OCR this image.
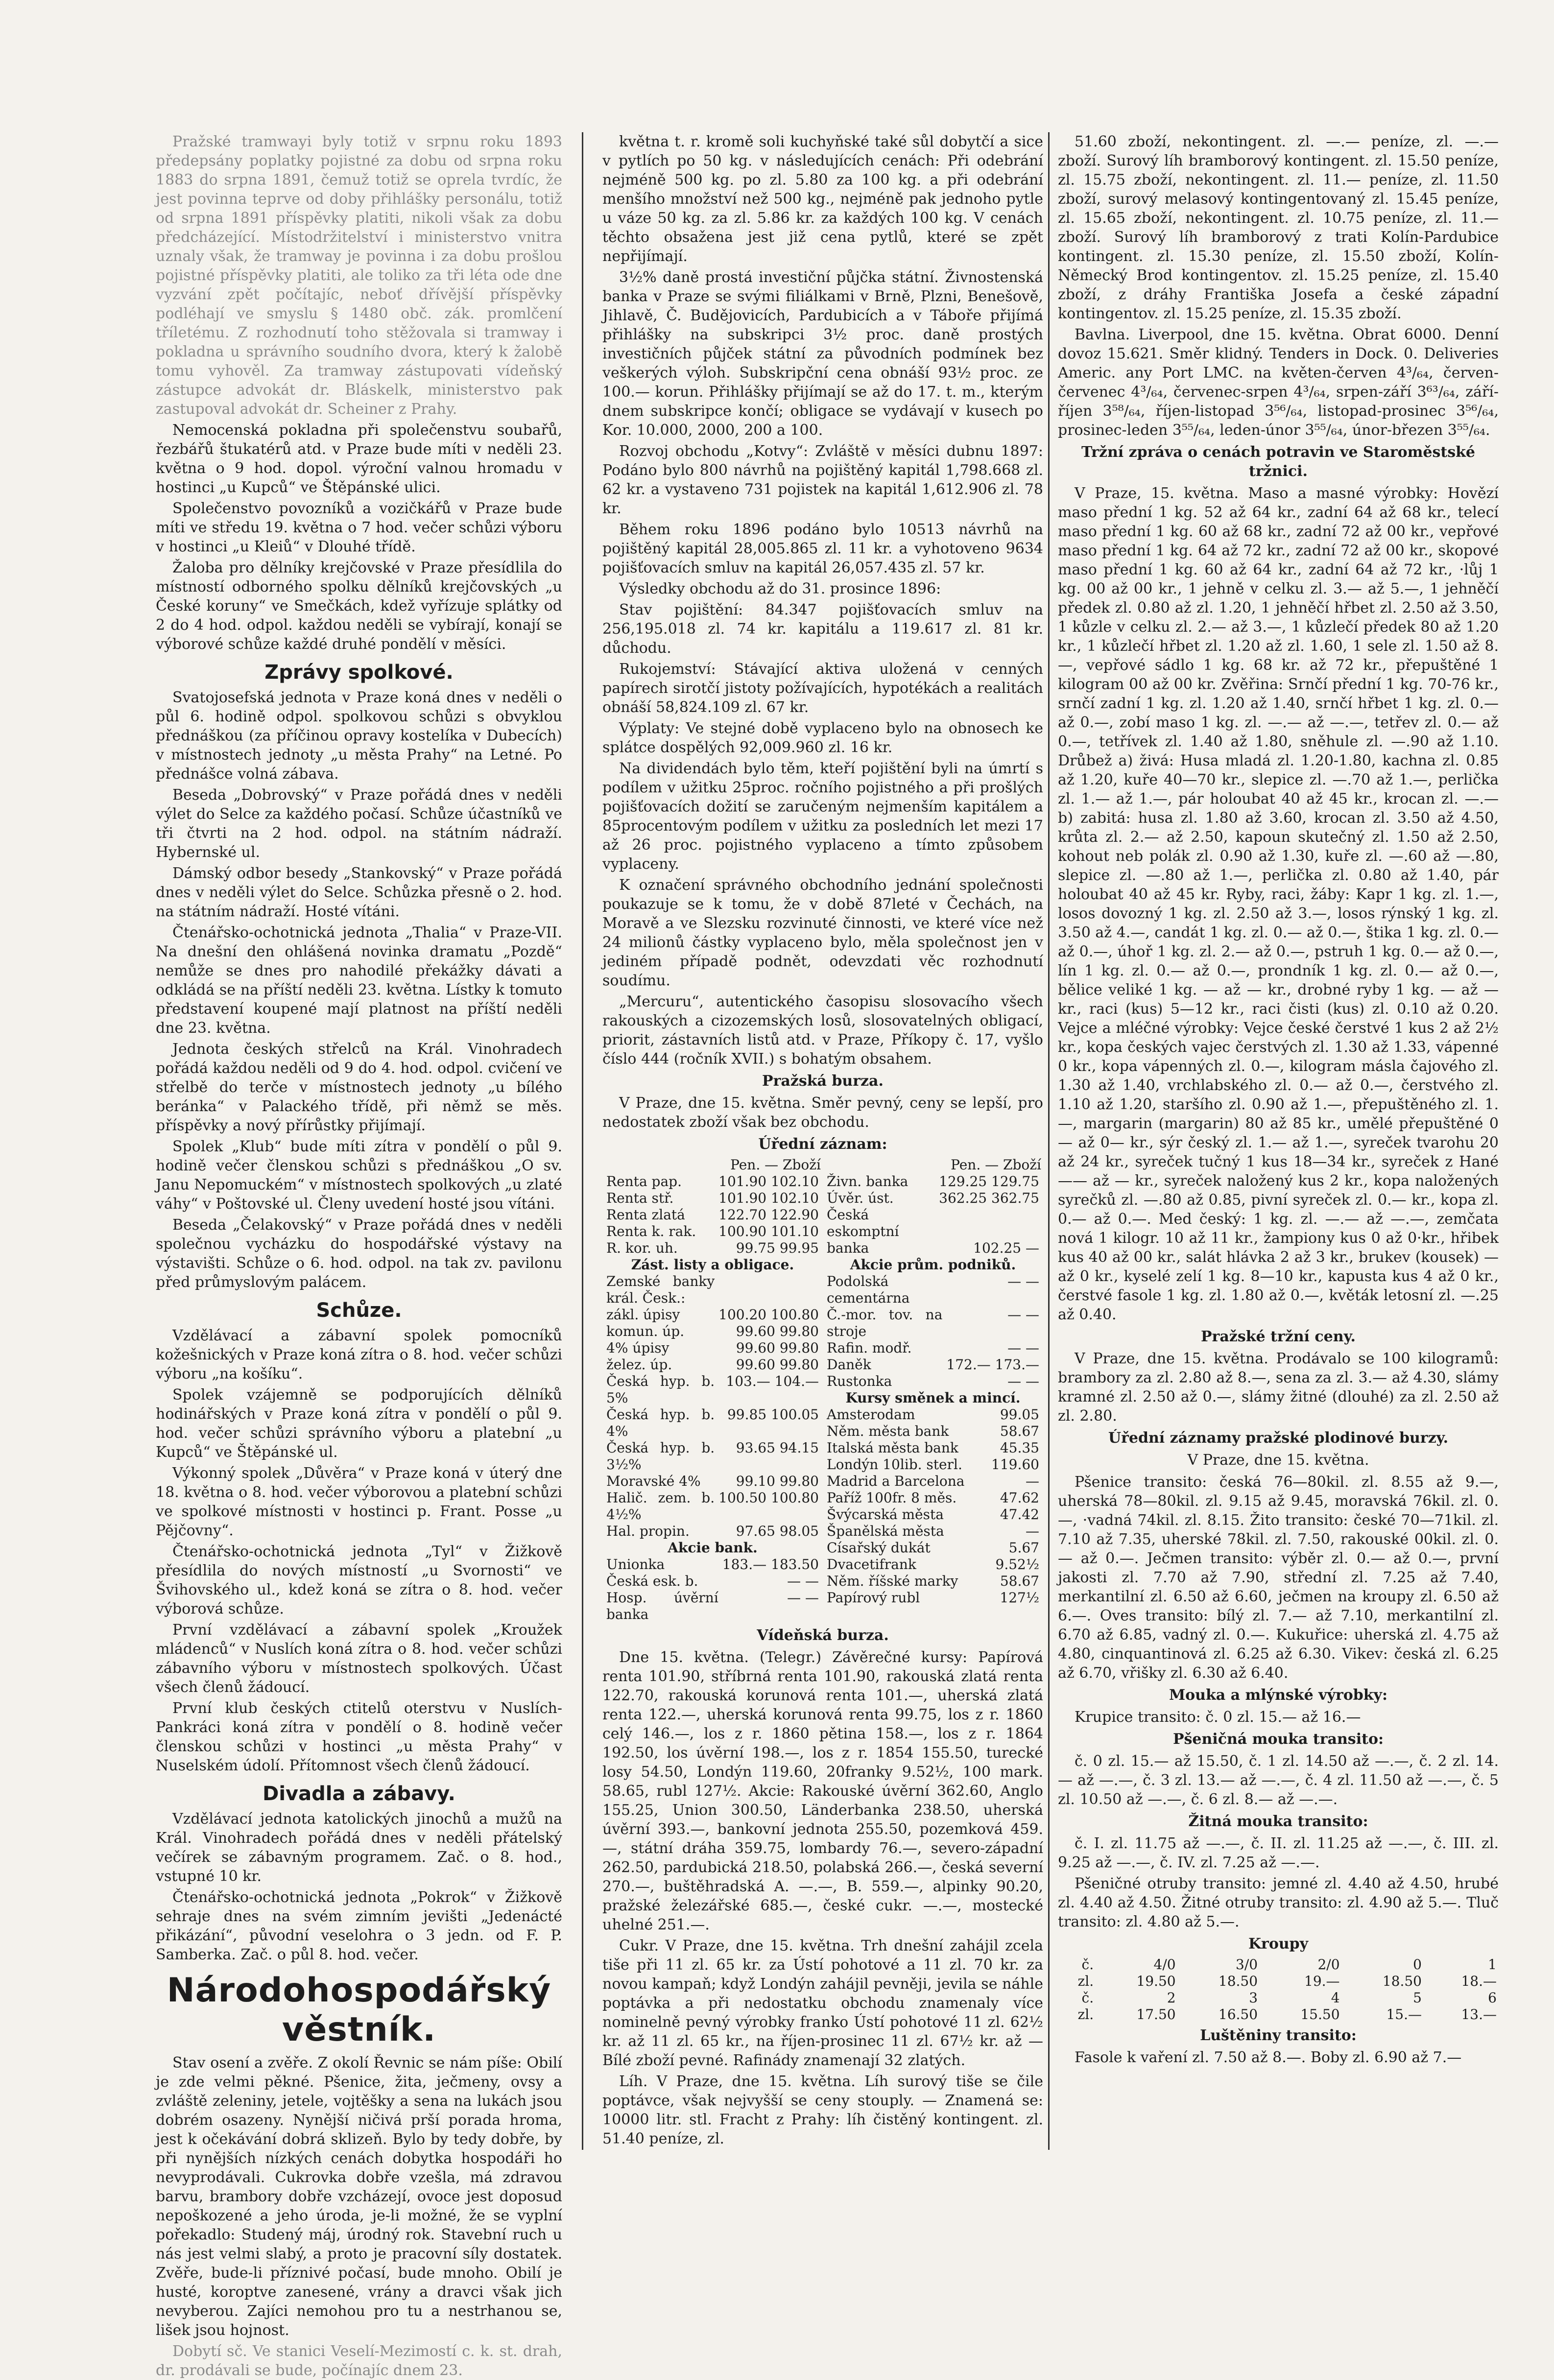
Pražské tramwayi byly totiž v srpnu roku 1893 předepsány poplatky pojistné za dobu od srpna roku 1883 do srpna 1891, čemuž totiž se oprela tvrdíc, že jest povinna teprve od doby přihlášky personálu, totiž od srpna 1891 příspěvky platiti, nikoli však za dobu předcházející. Místodržitelství i ministerstvo vnitra uznaly však, že tramway je povinna i za dobu prošlou pojistné příspěvky platiti, ale toliko za tři léta ode dne vyzvání zpět počítajíc, neboť dřívější příspěvky podléhají ve smyslu § 1480 obč. zák. promlčení tříletému. Z rozhodnutí toho stěžovala si tramway i pokladna u správního soudního dvora, který k žalobě tomu vyhověl. Za tramway zástupovati vídeňský zástupce advokát dr. Bláskelk, ministerstvo pak zastupoval advokát dr. Scheiner z Prahy.

Nemocenská pokladna při společenstvu soubařů, řezbářů štukatérů atd. v Praze bude míti v neděli 23. května o 9 hod. dopol. výroční valnou hromadu v hostinci „u Kupců“ ve Štěpánské ulici.

Společenstvo povozníků a vozičkářů v Praze bude míti ve středu 19. května o 7 hod. večer schůzi výboru v hostinci „u Kleiů“ v Dlouhé třídě.

Žaloba pro dělníky krejčovské v Praze přesídlila do místností odborného spolku dělníků krejčovských „u České koruny“ ve Smečkách, kdež vyřízuje splátky od 2 do 4 hod. odpol. každou neděli se vybírají, konají se výborové schůze každé druhé pondělí v měsíci.

Zprávy spolkové.

Svatojosefská jednota v Praze koná dnes v neděli o půl 6. hodině odpol. spolkovou schůzi s obvyklou přednáškou (za příčinou opravy kostelíka v Dubecích) v místnostech jednoty „u města Prahy“ na Letné. Po přednášce volná zábava.

Beseda „Dobrovský“ v Praze pořádá dnes v neděli výlet do Selce za každého počasí. Schůze účastníků ve tři čtvrti na 2 hod. odpol. na státním nádraží. Hybernské ul.

Dámský odbor besedy „Stankovský“ v Praze pořádá dnes v neděli výlet do Selce. Schůzka přesně o 2. hod. na státním nádraží. Hosté vítáni.

Čtenářsko-ochotnická jednota „Thalia“ v Praze-VII. Na dnešní den ohlášená novinka dramatu „Pozdě“ nemůže se dnes pro nahodilé překážky dávati a odkládá se na příští neděli 23. května. Lístky k tomuto představení koupené mají platnost na příští neděli dne 23. května.

Jednota českých střelců na Král. Vinohradech pořádá každou neděli od 9 do 4. hod. odpol. cvičení ve střelbě do terče v místnostech jednoty „u bílého beránka“ v Palackého třídě, při němž se měs. příspěvky a nový přírůstky přijímají.

Spolek „Klub“ bude míti zítra v pondělí o půl 9. hodině večer členskou schůzi s přednáškou „O sv. Janu Nepomuckém“ v místnostech spolkových „u zlaté váhy“ v Poštovské ul. Členy uvedení hosté jsou vítáni.

Beseda „Čelakovský“ v Praze pořádá dnes v neděli společnou vycházku do hospodářské výstavy na výstavišti. Schůze o 6. hod. odpol. na tak zv. pavilonu před průmyslovým palácem.

Schůze.

Vzdělávací a zábavní spolek pomocníků kožešnických v Praze koná zítra o 8. hod. večer schůzi výboru „na košíku“.

Spolek vzájemně se podporujících dělníků hodinářských v Praze koná zítra v pondělí o půl 9. hod. večer schůzi správního výboru a platební „u Kupců“ ve Štěpánské ul.

Výkonný spolek „Důvěra“ v Praze koná v úterý dne 18. května o 8. hod. večer výborovou a platební schůzi ve spolkové místnosti v hostinci p. Frant. Posse „u Pějčovny“.

Čtenářsko-ochotnická jednota „Tyl“ v Žižkově přesídlila do nových místností „u Svornosti“ ve Švihovského ul., kdež koná se zítra o 8. hod. večer výborová schůze.

První vzdělávací a zábavní spolek „Kroužek mládenců“ v Nuslích koná zítra o 8. hod. večer schůzi zábavního výboru v místnostech spolkových. Účast všech členů žádoucí.

První klub českých ctitelů oterstvu v Nuslích-Pankráci koná zítra v pondělí o 8. hodině večer členskou schůzi v hostinci „u města Prahy“ v Nuselském údolí. Přítomnost všech členů žádoucí.

Divadla a zábavy.

Vzdělávací jednota katolických jinochů a mužů na Král. Vinohradech pořádá dnes v neděli přátelský večírek se zábavným programem. Zač. o 8. hod., vstupné 10 kr.

Čtenářsko-ochotnická jednota „Pokrok“ v Žižkově sehraje dnes na svém zimním jevišti „Jedenácté přikázání“, původní veselohra o 3 jedn. od F. P. Samberka. Zač. o půl 8. hod. večer.

Národohospodářský věstník.

Stav osení a zvěře. Z okolí Řevnic se nám píše: Obilí je zde velmi pěkné. Pšenice, žita, ječmeny, ovsy a zvláště zeleniny, jetele, vojtěšky a sena na lukách jsou dobrém osazeny. Nynější ničivá prší porada hroma, jest k očekávání dobrá sklizeň. Bylo by tedy dobře, by při nynějších nízkých cenách dobytka hospodáři ho nevyprodávali. Cukrovka dobře vzešla, má zdravou barvu, brambory dobře vzcházejí, ovoce jest doposud nepoškozené a jeho úroda, je-li možné, že se vyplní pořekadlo: Studený máj, úrodný rok. Stavební ruch u nás jest velmi slabý, a proto je pracovní síly dostatek. Zvěře, bude-li příznivé počasí, bude mnoho. Obilí je husté, koroptve zanesené, vrány a dravci však jich nevyberou. Zajíci nemohou pro tu a nestrhanou se, lišek jsou hojnost.

Dobytí sč. Ve stanici Veselí-Mezimostí c. k. st. drah, dr. prodávali se bude, počínajíc dnem 23.

května t. r. kromě soli kuchyňské také sůl dobytčí a sice v pytlích po 50 kg. v následujících cenách: Při odebrání nejméně 500 kg. po zl. 5.80 za 100 kg. a při odebrání menšího množství než 500 kg., nejméně pak jednoho pytle u váze 50 kg. za zl. 5.86 kr. za každých 100 kg. V cenách těchto obsažena jest již cena pytlů, které se zpět nepřijímají.

3½% daně prostá investiční půjčka státní. Živnostenská banka v Praze se svými filiálkami v Brně, Plzni, Benešově, Jihlavě, Č. Budějovicích, Pardubicích a v Táboře přijímá přihlášky na subskripci 3½ proc. daně prostých investičních půjček státní za původních podmínek bez veškerých výloh. Subskripční cena obnáší 93½ proc. ze 100.— korun. Přihlášky přijímají se až do 17. t. m., kterým dnem subskripce končí; obligace se vydávají v kusech po Kor. 10.000, 2000, 200 a 100.

Rozvoj obchodu „Kotvy“: Zvláště v měsíci dubnu 1897: Podáno bylo 800 návrhů na pojištěný kapitál 1,798.668 zl. 62 kr. a vystaveno 731 pojistek na kapitál 1,612.906 zl. 78 kr.

Během roku 1896 podáno bylo 10513 návrhů na pojištěný kapitál 28,005.865 zl. 11 kr. a vyhotoveno 9634 pojišťovacích smluv na kapitál 26,057.435 zl. 57 kr.

Výsledky obchodu až do 31. prosince 1896:

Stav pojištění: 84.347 pojišťovacích smluv na 256,195.018 zl. 74 kr. kapitálu a 119.617 zl. 81 kr. důchodu.

Rukojemství: Stávající aktiva uložená v cenných papírech sirotčí jistoty požívajících, hypotékách a realitách obnáší 58,824.109 zl. 67 kr.

Výplaty: Ve stejné době vyplaceno bylo na obnosech ke splátce dospělých 92,009.960 zl. 16 kr.

Na dividendách bylo těm, kteří pojištění byli na úmrtí s podílem v užitku 25proc. ročního pojistného a při prošlých pojišťovacích dožití se zaručeným nejmenším kapitálem a 85procentovým podílem v užitku za posledních let mezi 17 až 26 proc. pojistného vyplaceno a tímto způsobem vyplaceny.

K označení správného obchodního jednání společnosti poukazuje se k tomu, že v době 87leté v Čechách, na Moravě a ve Slezsku rozvinuté činnosti, ve které více než 24 milionů částky vyplaceno bylo, měla společnost jen v jediném případě podnět, odevzdati věc rozhodnutí soudímu.

„Mercuru“, autentického časopisu slosovacího všech rakouských a cizozemských losů, slosovatelných obligací, priorit, zástavních listů atd. v Praze, Příkopy č. 17, vyšlo číslo 444 (ročník XVII.) s bohatým obsahem.

Pražská burza.

V Praze, dne 15. května. Směr pevný, ceny se lepší, pro nedostatek zboží však bez obchodu.

Úřední záznam:
Pen. — Zboží
Renta pap.	101.90 102.10
Renta stř.	101.90 102.10
Renta zlatá	122.70 122.90
Renta k. rak.	100.90 101.10
R. kor. uh.	99.75 99.95
Zást. listy a obligace.
Zemské banky král. Česk.:	
zákl. úpisy	100.20 100.80
komun. úp.	99.60 99.80
4% úpisy	99.60 99.80
želez. úp.	99.60 99.80
Česká hyp. b. 5%	103.— 104.—
Česká hyp. b. 4%	99.85 100.05
Česká hyp. b. 3½%	93.65 94.15
Moravské 4%	99.10 99.80
Halič. zem. b. 4½%	100.50 100.80
Hal. propin.	97.65 98.05
Akcie bank.
Unionka	183.— 183.50
Česká esk. b.	— —
Hosp. úvěrní banka	— —

Pen. — Zboží
Živn. banka	129.25 129.75
Úvěr. úst.	362.25 362.75
Česká eskomptní	
banka	102.25 —
Akcie prům. podniků.
Podolská cementárna	— —
Č.-mor. tov. na stroje	— —
Rafin. modř.	— —
Daněk	172.— 173.—
Rustonka	— —
Kursy směnek a mincí.
Amsterodam	99.05
Něm. města bank	58.67
Italská města bank	45.35
Londýn 10lib. sterl.	119.60
Madrid a Barcelona	—
Paříž 100fr. 8 měs.	47.62
Švýcarská města	47.42
Španělská města	—
Císařský dukát	5.67
Dvacetifrank	9.52½
Něm. říšské marky	58.67
Papírový rubl	127½
Vídeňská burza.

Dne 15. května. (Telegr.) Závěrečné kursy: Papírová renta 101.90, stříbrná renta 101.90, rakouská zlatá renta 122.70, rakouská korunová renta 101.—, uherská zlatá renta 122.—, uherská korunová renta 99.75, los z r. 1860 celý 146.—, los z r. 1860 pětina 158.—, los z r. 1864 192.50, los úvěrní 198.—, los z r. 1854 155.50, turecké losy 54.50, Londýn 119.60, 20franky 9.52½, 100 mark. 58.65, rubl 127½. Akcie: Rakouské úvěrní 362.60, Anglo 155.25, Union 300.50, Länderbanka 238.50, uherská úvěrní 393.—, bankovní jednota 255.50, pozemková 459.—, státní dráha 359.75, lombardy 76.—, severo-západní 262.50, pardubická 218.50, polabská 266.—, česká severní 270.—, buštěhradská A. —.—, B. 559.—, alpinky 90.20, pražské železářské 685.—, české cukr. —.—, mostecké uhelné 251.—.

Cukr. V Praze, dne 15. května. Trh dnešní zahájil zcela tiše při 11 zl. 65 kr. za Ústí pohotové a 11 zl. 70 kr. za novou kampaň; když Londýn zahájil pevněji, jevila se náhle poptávka a při nedostatku obchodu znamenaly více nominelně pevný výrobky franko Ústí pohotové 11 zl. 62½ kr. až 11 zl. 65 kr., na říjen-prosinec 11 zl. 67½ kr. až — Bílé zboží pevné. Rafinády znamenají 32 zlatých.

Líh. V Praze, dne 15. května. Líh surový tiše se čile poptávce, však nejvyšší se ceny stouply. — Znamená se: 10000 litr. stl. Fracht z Prahy: líh čistěný kontingent. zl. 51.40 peníze, zl.

51.60 zboží, nekontingent. zl. —.— peníze, zl. —.— zboží. Surový líh bramborový kontingent. zl. 15.50 peníze, zl. 15.75 zboží, nekontingent. zl. 11.— peníze, zl. 11.50 zboží, surový melasový kontingentovaný zl. 15.45 peníze, zl. 15.65 zboží, nekontingent. zl. 10.75 peníze, zl. 11.— zboží. Surový líh bramborový z trati Kolín-Pardubice kontingent. zl. 15.30 peníze, zl. 15.50 zboží, Kolín-Německý Brod kontingentov. zl. 15.25 peníze, zl. 15.40 zboží, z dráhy Františka Josefa a české západní kontingentov. zl. 15.25 peníze, zl. 15.35 zboží.

Bavlna. Liverpool, dne 15. května. Obrat 6000. Denní dovoz 15.621. Směr klidný. Tenders in Dock. 0. Deliveries Americ. any Port LMC. na květen-červen 4³/₆₄, červen-červenec 4³/₆₄, červenec-srpen 4³/₆₄, srpen-září 3⁶³/₆₄, září-říjen 3⁵⁸/₆₄, říjen-listopad 3⁵⁶/₆₄, listopad-prosinec 3⁵⁶/₆₄, prosinec-leden 3⁵⁵/₆₄, leden-únor 3⁵⁵/₆₄, únor-březen 3⁵⁵/₆₄.

Tržní zpráva o cenách potravin ve Staroměstské tržnici.

V Praze, 15. května. Maso a masné výrobky: Hovězí maso přední 1 kg. 52 až 64 kr., zadní 64 až 68 kr., telecí maso přední 1 kg. 60 až 68 kr., zadní 72 až 00 kr., vepřové maso přední 1 kg. 64 až 72 kr., zadní 72 až 00 kr., skopové maso přední 1 kg. 60 až 64 kr., zadní 64 až 72 kr., ·lůj 1 kg. 00 až 00 kr., 1 jehně v celku zl. 3.— až 5.—, 1 jehněčí předek zl. 0.80 až zl. 1.20, 1 jehněčí hřbet zl. 2.50 až 3.50, 1 kůzle v celku zl. 2.— až 3.—, 1 kůzlečí předek 80 až 1.20 kr., 1 kůzlečí hřbet zl. 1.20 až zl. 1.60, 1 sele zl. 1.50 až 8.—, vepřové sádlo 1 kg. 68 kr. až 72 kr., přepuštěné 1 kilogram 00 až 00 kr. Zvěřina: Srnčí přední 1 kg. 70-76 kr., srnčí zadní 1 kg. zl. 1.20 až 1.40, srnčí hřbet 1 kg. zl. 0.— až 0.—, zobí maso 1 kg. zl. —.— až —.—, tetřev zl. 0.— až 0.—, tetřívek zl. 1.40 až 1.80, sněhule zl. —.90 až 1.10. Drůbež a) živá: Husa mladá zl. 1.20-1.80, kachna zl. 0.85 až 1.20, kuře 40—70 kr., slepice zl. —.70 až 1.—, perlička zl. 1.— až 1.—, pár holoubat 40 až 45 kr., krocan zl. —.— b) zabitá: husa zl. 1.80 až 3.60, krocan zl. 3.50 až 4.50, krůta zl. 2.— až 2.50, kapoun skutečný zl. 1.50 až 2.50, kohout neb polák zl. 0.90 až 1.30, kuře zl. —.60 až —.80, slepice zl. —.80 až 1.—, perlička zl. 0.80 až 1.40, pár holoubat 40 až 45 kr. Ryby, raci, žáby: Kapr 1 kg. zl. 1.—, losos dovozný 1 kg. zl. 2.50 až 3.—, losos rýnský 1 kg. zl. 3.50 až 4.—, candát 1 kg. zl. 0.— až 0.—, štika 1 kg. zl. 0.— až 0.—, úhoř 1 kg. zl. 2.— až 0.—, pstruh 1 kg. 0.— až 0.—, lín 1 kg. zl. 0.— až 0.—, prondník 1 kg. zl. 0.— až 0.—, bělice veliké 1 kg. — až — kr., drobné ryby 1 kg. — až — kr., raci (kus) 5—12 kr., raci čisti (kus) zl. 0.10 až 0.20. Vejce a mléčné výrobky: Vejce české čerstvé 1 kus 2 až 2½ kr., kopa českých vajec čerstvých zl. 1.30 až 1.33, vápenné 0 kr., kopa vápenných zl. 0.—, kilogram másla čajového zl. 1.30 až 1.40, vrchlabského zl. 0.— až 0.—, čerstvého zl. 1.10 až 1.20, staršího zl. 0.90 až 1.—, přepuštěného zl. 1.—, margarin (margarin) 80 až 85 kr., umělé přepuštěné 0— až 0— kr., sýr český zl. 1.— až 1.—, syreček tvarohu 20 až 24 kr., syreček tučný 1 kus 18—34 kr., syreček z Hané —— až — kr., syreček naložený kus 2 kr., kopa naložených syrečků zl. —.80 až 0.85, pivní syreček zl. 0.— kr., kopa zl. 0.— až 0.—. Med český: 1 kg. zl. —.— až —.—, zemčata nová 1 kilogr. 10 až 11 kr., žampiony kus 0 až 0·kr., hřibek kus 40 až 00 kr., salát hlávka 2 až 3 kr., brukev (kousek) — až 0 kr., kyselé zelí 1 kg. 8—10 kr., kapusta kus 4 až 0 kr., čerstvé fasole 1 kg. zl. 1.80 až 0.—, květák letosní zl. —.25 až 0.40.

Pražské tržní ceny.

V Praze, dne 15. května. Prodávalo se 100 kilogramů: brambory za zl. 2.80 až 8.—, sena za zl. 3.— až 4.30, slámy kramné zl. 2.50 až 0.—, slámy žitné (dlouhé) za zl. 2.50 až zl. 2.80.

Úřední záznamy pražské plodinové burzy.
V Praze, dne 15. května.

Pšenice transito: česká 76—80kil. zl. 8.55 až 9.—, uherská 78—80kil. zl. 9.15 až 9.45, moravská 76kil. zl. 0.—, ·vadná 74kil. zl. 8.15. Žito transito: české 70—71kil. zl. 7.10 až 7.35, uherské 78kil. zl. 7.50, rakouské 00kil. zl. 0.— až 0.—. Ječmen transito: výběr zl. 0.— až 0.—, první jakosti zl. 7.70 až 7.90, střední zl. 7.25 až 7.40, merkantilní zl. 6.50 až 6.60, ječmen na kroupy zl. 6.50 až 6.—. Oves transito: bílý zl. 7.— až 7.10, merkantilní zl. 6.70 až 6.85, vadný zl. 0.—. Kukuřice: uherská zl. 4.75 až 4.80, cinquantinová zl. 6.25 až 6.30. Vikev: česká zl. 6.25 až 6.70, vřišky zl. 6.30 až 6.40.

Mouka a mlýnské výrobky:

Krupice transito: č. 0 zl. 15.— až 16.—

Pšeničná mouka transito:

č. 0 zl. 15.— až 15.50, č. 1 zl. 14.50 až —.—, č. 2 zl. 14.— až —.—, č. 3 zl. 13.— až —.—, č. 4 zl. 11.50 až —.—, č. 5 zl. 10.50 až —.—, č. 6 zl. 8.— až —.—.

Žitná mouka transito:

č. I. zl. 11.75 až —.—, č. II. zl. 11.25 až —.—, č. III. zl. 9.25 až —.—, č. IV. zl. 7.25 až —.—.

Pšeničné otruby transito: jemné zl. 4.40 až 4.50, hrubé zl. 4.40 až 4.50. Žitné otruby transito: zl. 4.90 až 5.—. Tluč transito: zl. 4.80 až 5.—.

Kroupy
č.	4/0	3/0	2/0	0	1
zl.	19.50	18.50	19.—	18.50	18.—
č.	2	3	4	5	6
zl.	17.50	16.50	15.50	15.—	13.—
Luštěniny transito:

Fasole k vaření zl. 7.50 až 8.—. Boby zl. 6.90 až 7.—
